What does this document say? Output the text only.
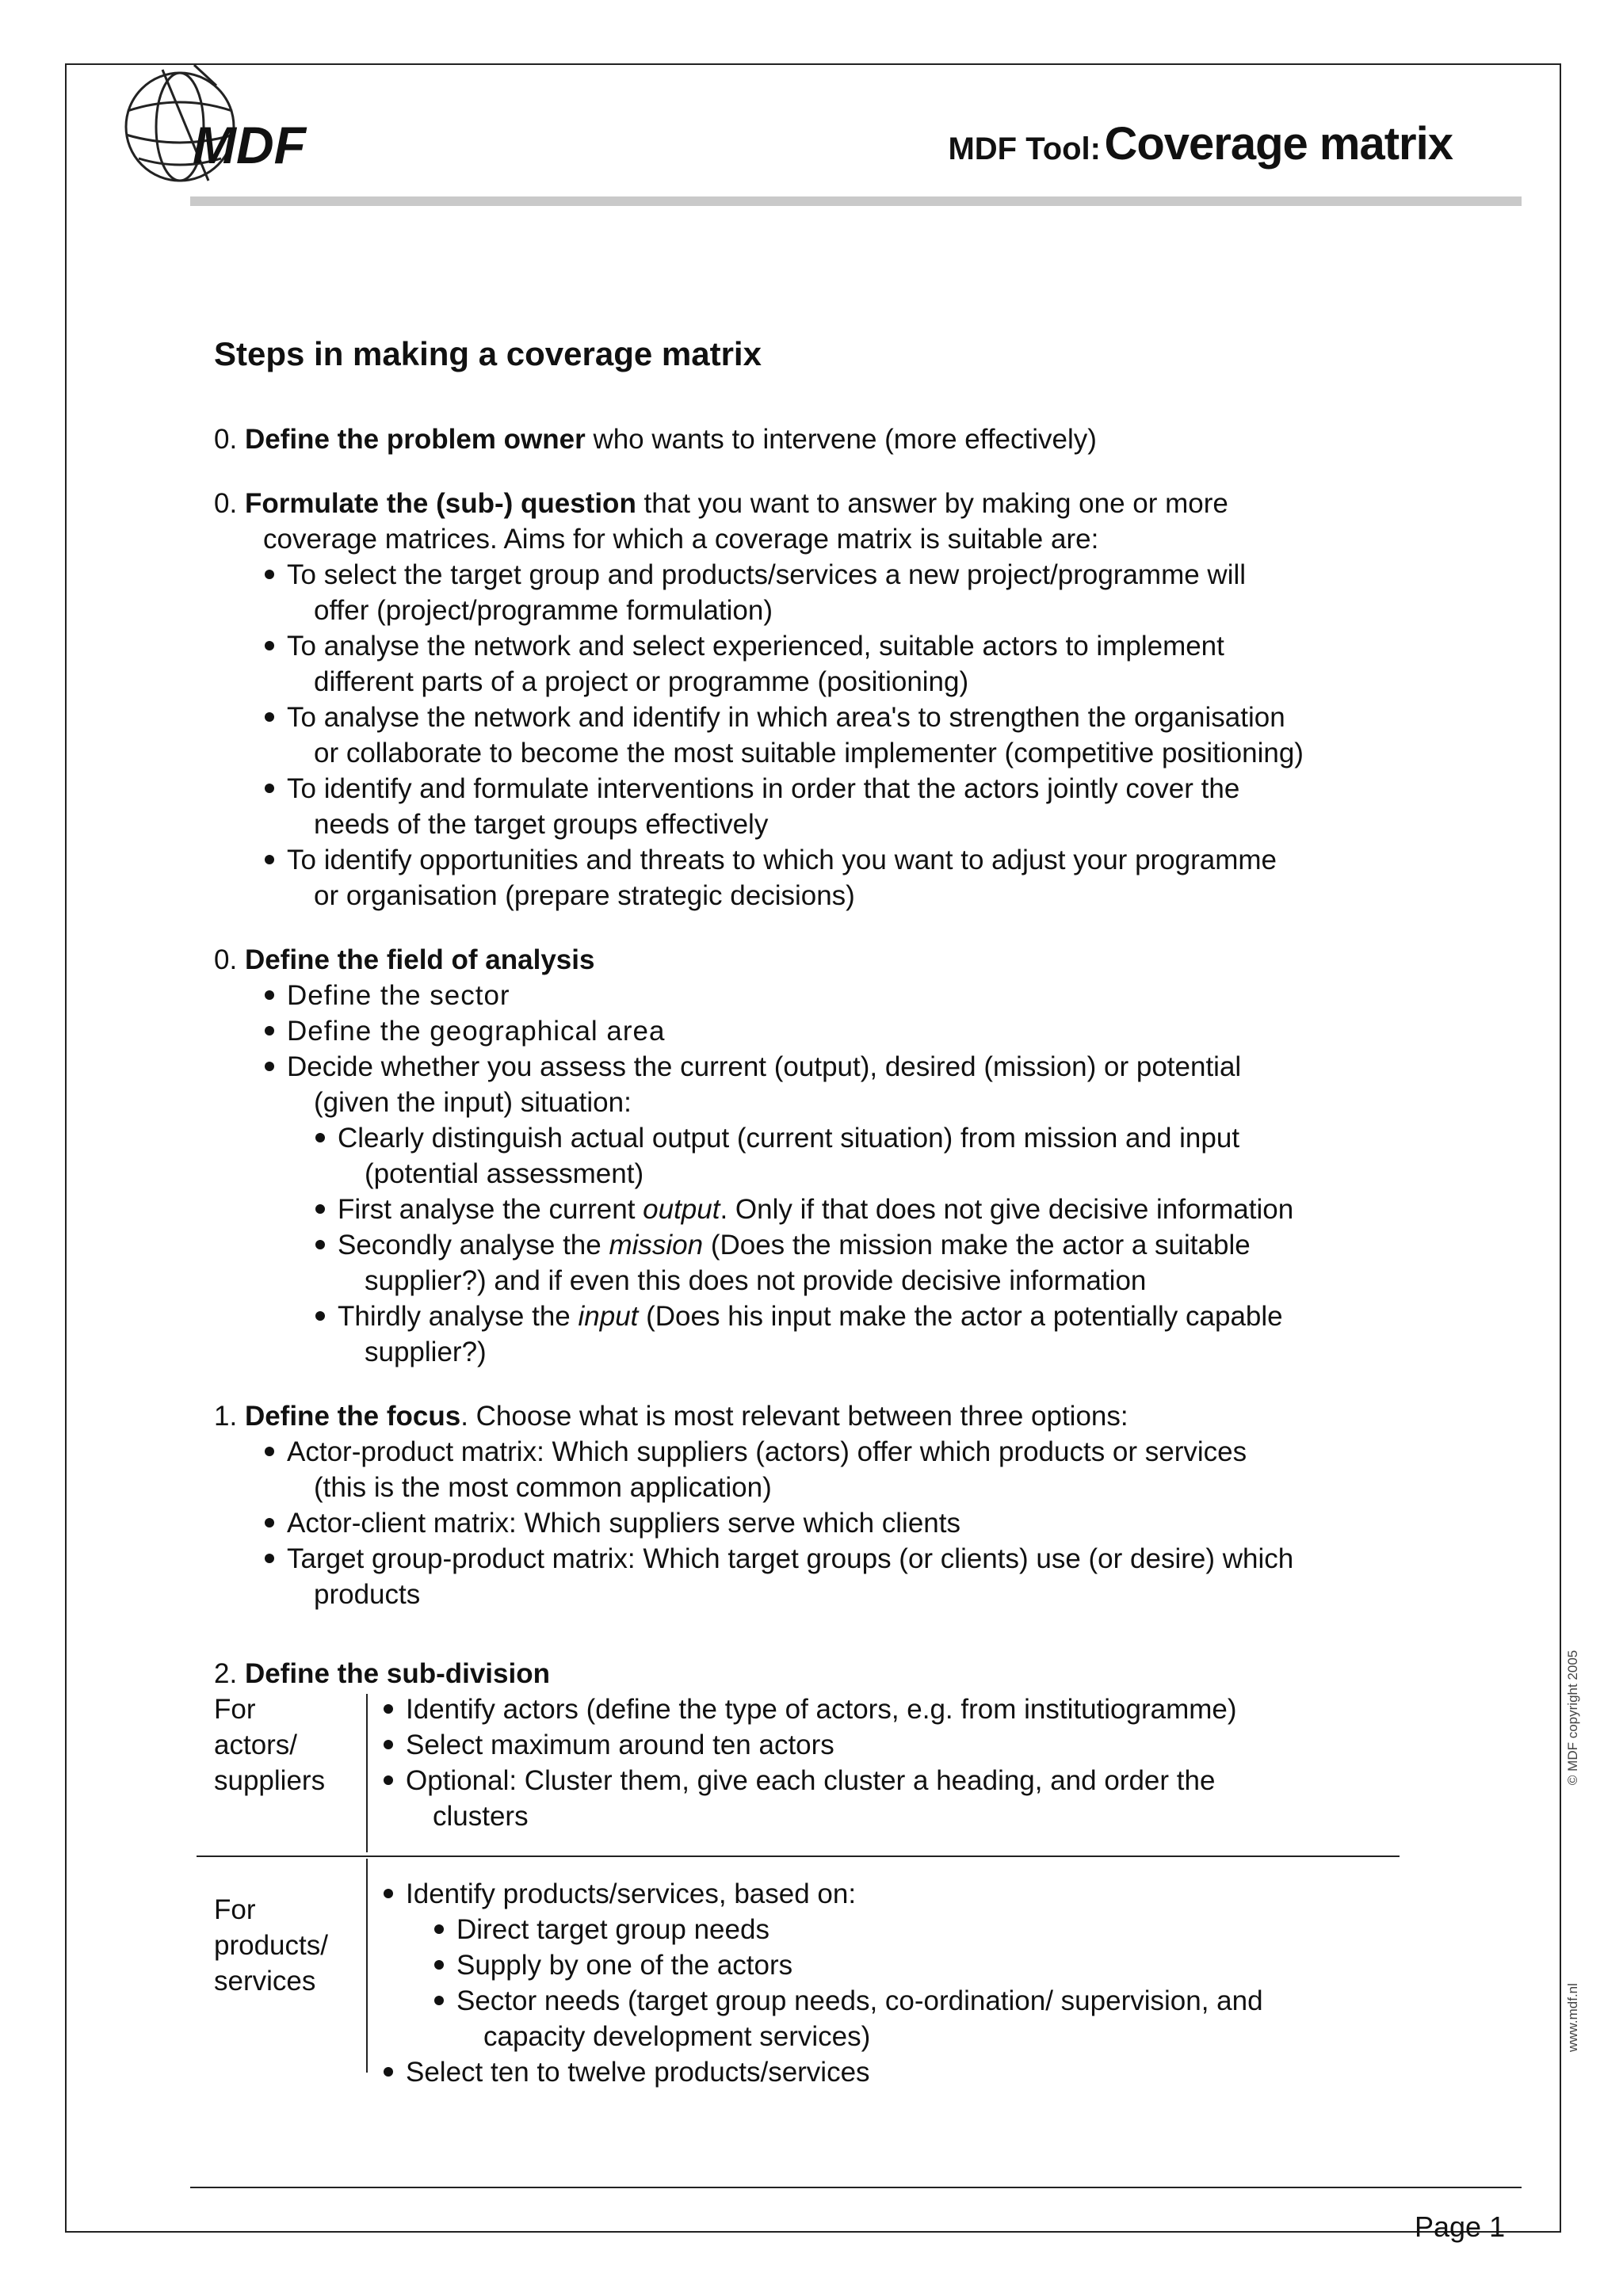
MDF	MDF Tool: Coverage matrix
Steps in making a coverage matrix
0. Define the problem owner who wants to intervene (more effectively)
0. Formulate the (sub-) question that you want to answer by making one or more
coverage matrices. Aims for which a coverage matrix is suitable are:
To select the target group and products/services a new project/programme will
offer (project/programme formulation)
To analyse the network and select experienced, suitable actors to implement
different parts of a project or programme (positioning)
To analyse the network and identify in which area's to strengthen the organisation
or collaborate to become the most suitable implementer (competitive positioning)
To identify and formulate interventions in order that the actors jointly cover the
needs of the target groups effectively
To identify opportunities and threats to which you want to adjust your programme
or organisation (prepare strategic decisions)
0. Define the field of analysis
Define the sector
Define the geographical area
Decide whether you assess the current (output), desired (mission) or potential
(given the input) situation:
Clearly distinguish actual output (current situation) from mission and input
(potential assessment)
First analyse the current output. Only if that does not give decisive information
Secondly analyse the mission (Does the mission make the actor a suitable
supplier?) and if even this does not provide decisive information
Thirdly analyse the input (Does his input make the actor a potentially capable
supplier?)
1. Define the focus. Choose what is most relevant between three options:
Actor-product matrix: Which suppliers (actors) offer which products or services
(this is the most common application)
Actor-client matrix: Which suppliers serve which clients
Target group-product matrix: Which target groups (or clients) use (or desire) which
products
2. Define the sub-division
For
actors/
suppliers
Identify actors (define the type of actors, e.g. from institutiogramme)
Select maximum around ten actors
Optional: Cluster them, give each cluster a heading, and order the
clusters
For
products/
services
Identify products/services, based on:
Direct target group needs
Supply by one of the actors
Sector needs (target group needs, co-ordination/ supervision, and
capacity development services)
Select ten to twelve products/services
www.mdf.nl© MDF copyright 2005
Page 1
